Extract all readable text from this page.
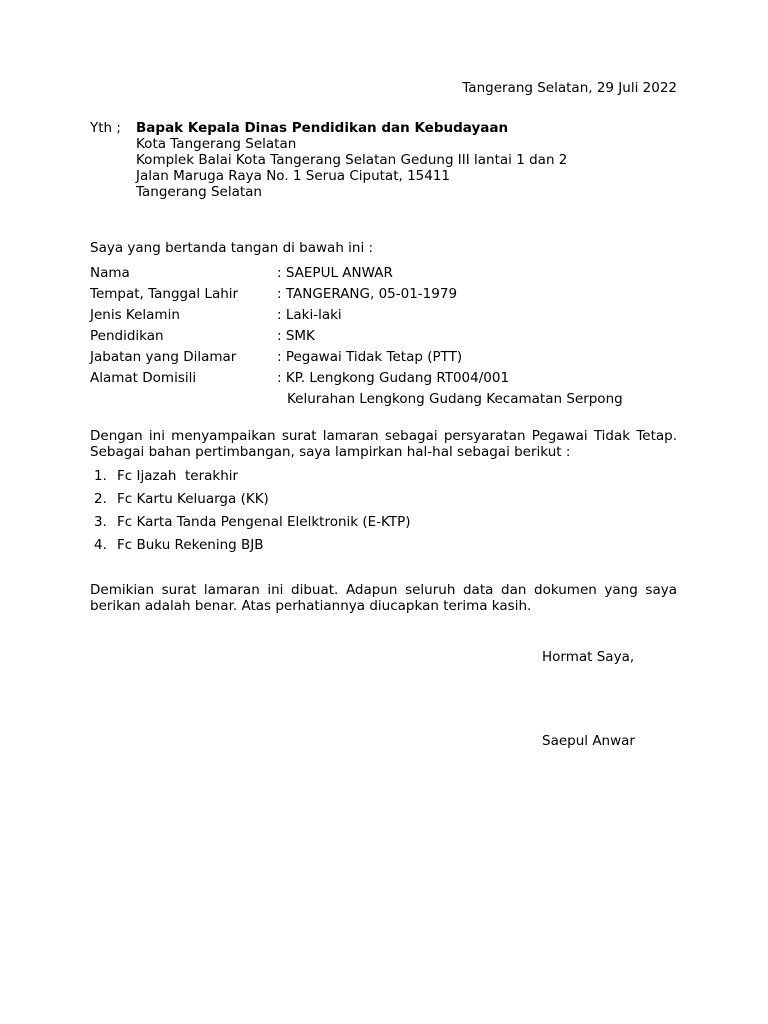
Tangerang Selatan, 29 Juli 2022
Yth ; Bapak Kepala Dinas Pendidikan dan Kebudayaan
Kota Tangerang Selatan
Komplek Balai Kota Tangerang Selatan Gedung III lantai 1 dan 2
Jalan Maruga Raya No. 1 Serua Ciputat, 15411
Tangerang Selatan
Saya yang bertanda tangan di bawah ini :
Nama	: SAEPUL ANWAR
Tempat, Tanggal Lahir	: TANGERANG, 05-01-1979
Jenis Kelamin	: Laki-laki
Pendidikan	: SMK
Jabatan yang Dilamar	: Pegawai Tidak Tetap (PTT)
Alamat Domisili	: KP. Lengkong Gudang RT004/001
Kelurahan Lengkong Gudang Kecamatan Serpong
Dengan ini menyampaikan surat lamaran sebagai persyaratan Pegawai Tidak Tetap.
Sebagai bahan pertimbangan, saya lampirkan hal-hal sebagai berikut :
1. Fc Ijazah  terakhir
2. Fc Kartu Keluarga (KK)
3. Fc Karta Tanda Pengenal Elelktronik (E-KTP)
4. Fc Buku Rekening BJB
Demikian surat lamaran ini dibuat. Adapun seluruh data dan dokumen yang saya
berikan adalah benar. Atas perhatiannya diucapkan terima kasih.
Hormat Saya,
Saepul Anwar
